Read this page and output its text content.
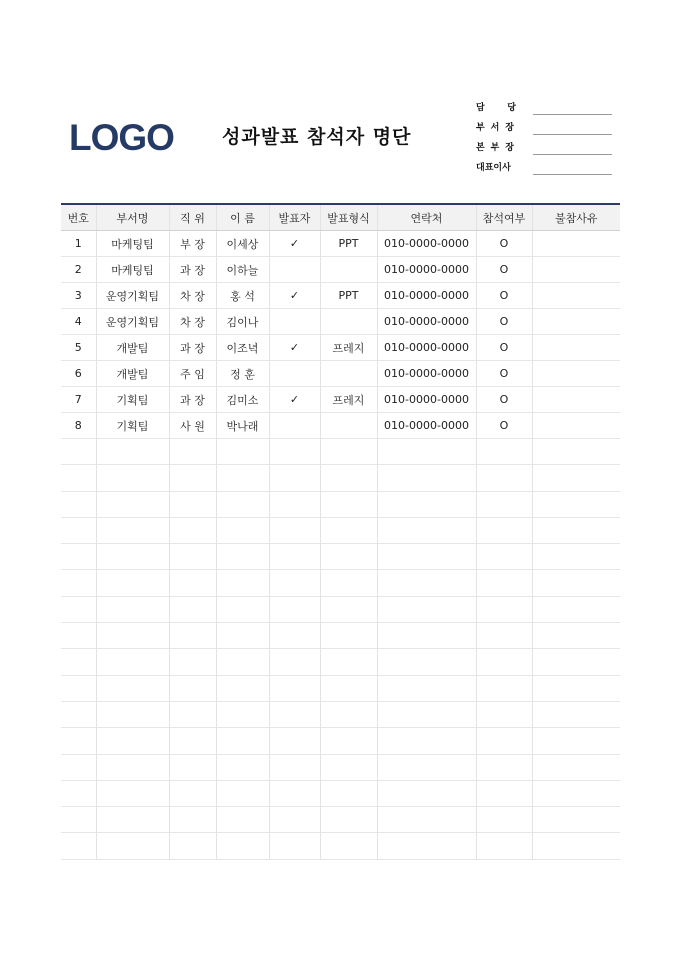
LOGO	성과발표 참석자 명단
담	당
부 서 장
본 부 장
대표이사
번호	부서명	직 위	이 름	발표자	발표형식	연락처	참석여부	불참사유
1	마케팅팀	부 장	이세상	✓	PPT	010-0000-0000	O	
2	마케팅팀	과 장	이하늘			010-0000-0000	O	
3	운영기획팀	차 장	홍 석	✓	PPT	010-0000-0000	O	
4	운영기획팀	차 장	김이나			010-0000-0000	O	
5	개발팀	과 장	이조녁	✓	프레지	010-0000-0000	O	
6	개발팀	주 임	정 훈			010-0000-0000	O	
7	기획팀	과 장	김미소	✓	프레지	010-0000-0000	O	
8	기획팀	사 원	박나래			010-0000-0000	O	
